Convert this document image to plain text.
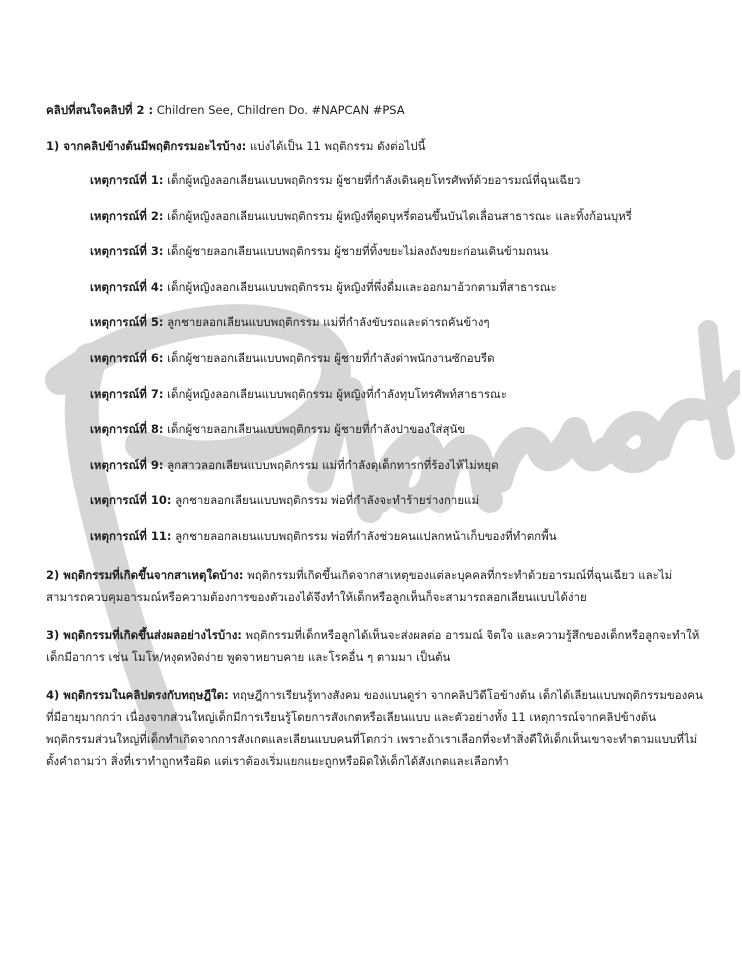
คลิปที่สนใจคลิปที่ 2 : Children See, Children Do. #NAPCAN #PSA

1) จากคลิปข้างต้นมีพฤติกรรมอะไรบ้าง: แบ่งได้เป็น 11 พฤติกรรม ดังต่อไปนี้
เหตุการณ์ที่ 1: เด็กผู้หญิงลอกเลียนแบบพฤติกรรม ผู้ชายที่กำลังเดินคุยโทรศัพท์ด้วยอารมณ์ที่ฉุนเฉียว
เหตุการณ์ที่ 2: เด็กผู้หญิงลอกเลียนแบบพฤติกรรม ผู้หญิงที่ดูดบุหรี่ตอนขึ้นบันไดเลื่อนสาธารณะ และทิ้งก้อนบุหรี่
เหตุการณ์ที่ 3: เด็กผู้ชายลอกเลียนแบบพฤติกรรม ผู้ชายที่ทิ้งขยะไม่ลงถังขยะก่อนเดินข้ามถนน
เหตุการณ์ที่ 4: เด็กผู้หญิงลอกเลียนแบบพฤติกรรม ผู้หญิงที่พึ่งดื่มและออกมาอ้วกตามที่สาธารณะ
เหตุการณ์ที่ 5: ลูกชายลอกเลียนแบบพฤติกรรม แม่ที่กำลังขับรถและด่ารถคันข้างๆ
เหตุการณ์ที่ 6: เด็กผู้ชายลอกเลียนแบบพฤติกรรม ผู้ชายที่กำลังด่าพนักงานซักอบรีด
เหตุการณ์ที่ 7: เด็กผู้หญิงลอกเลียนแบบพฤติกรรม ผู้หญิงที่กำลังทุบโทรศัพท์สาธารณะ
เหตุการณ์ที่ 8: เด็กผู้ชายลอกเลียนแบบพฤติกรรม ผู้ชายที่กำลังปาของใส่สุนัข
เหตุการณ์ที่ 9: ลูกสาวลอกเลียนแบบพฤติกรรม แม่ที่กำลังดุเด็กทารกที่ร้องไห้ไม่หยุด
เหตุการณ์ที่ 10: ลูกชายลอกเลียนแบบพฤติกรรม พ่อที่กำลังจะทำร้ายร่างกายแม่
เหตุการณ์ที่ 11: ลูกชายลอกลเยนแบบพฤติกรรม พ่อที่กำลังช่วยคนแปลกหน้าเก็บของที่ทำตกพื้น
2) พฤติกรรมที่เกิดขึ้นจากสาเหตุใดบ้าง: พฤติกรรมที่เกิดขึ้นเกิดจากสาเหตุของแต่ละบุคคลที่กระทำด้วยอารมณ์ที่ฉุนเฉียว และไม่สามารถควบคุมอารมณ์หรือความต้องการของตัวเองได้จึงทำให้เด็กหรือลูกเห็นก็จะสามารถลอกเลียนแบบได้ง่าย
3) พฤติกรรมที่เกิดขึ้นส่งผลอย่างไรบ้าง: พฤติกรรมที่เด็กหรือลูกได้เห็นจะส่งผลต่อ อารมณ์ จิตใจ และความรู้สึกของเด็กหรือลูกจะทำให้เด็กมีอาการ เช่น โมโห/หงุดหงิดง่าย พูดจาหยาบคาย และโรคอื่น ๆ ตามมา เป็นต้น
4) พฤติกรรมในคลิปตรงกับทฤษฎีใด: ทฤษฎีการเรียนรู้ทางสังคม ของแบนดูร่า จากคลิปวิดีโอข้างต้น เด็กได้เลียนแบบพฤติกรรมของคนที่มีอายุมากกว่า เนื่องจากส่วนใหญ่เด็กมีการเรียนรู้โดยการสังเกตหรือเลียนแบบ และตัวอย่างทั้ง 11 เหตุการณ์จากคลิปข้างต้น พฤติกรรมส่วนใหญ่ที่เด็กทำเกิดจากการสังเกตและเลียนแบบคนที่โตกว่า เพราะถ้าเราเลือกที่จะทำสิ่งดีให้เด็กเห็นเขาจะทำตามแบบที่ไม่ตั้งคำถามว่า สิ่งที่เราทำถูกหรือผิด แต่เราต้องเริ่มแยกแยะถูกหรือผิดให้เด็กได้สังเกตและเลือกทำ
